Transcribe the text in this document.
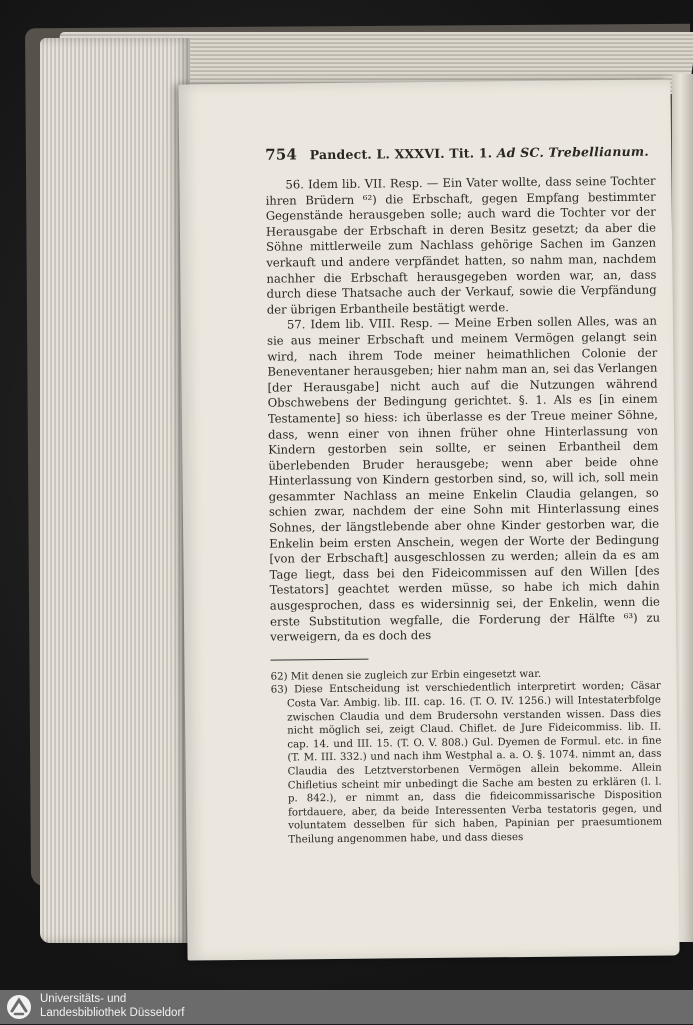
754 Pandect. L. XXXVI. Tit. 1. Ad SC. Trebellianum.

56. Idem lib. VII. Resp. — Ein Vater wollte, dass seine Tochter ihren Brüdern ⁶²) die Erbschaft, gegen Empfang bestimmter Gegenstände herausgeben solle; auch ward die Tochter vor der Herausgabe der Erbschaft in deren Besitz gesetzt; da aber die Söhne mittlerweile zum Nachlass gehörige Sachen im Ganzen verkauft und andere verpfändet hatten, so nahm man, nachdem nachher die Erbschaft herausgegeben worden war, an, dass durch diese Thatsache auch der Verkauf, sowie die Verpfändung der übrigen Erbantheile bestätigt werde.

57. Idem lib. VIII. Resp. — Meine Erben sollen Alles, was an sie aus meiner Erbschaft und meinem Vermögen gelangt sein wird, nach ihrem Tode meiner heimathlichen Colonie der Beneventaner herausgeben; hier nahm man an, sei das Verlangen [der Herausgabe] nicht auch auf die Nutzungen während Obschwebens der Bedingung gerichtet. §. 1. Als es [in einem Testamente] so hiess: ich überlasse es der Treue meiner Söhne, dass, wenn einer von ihnen früher ohne Hinterlassung von Kindern gestorben sein sollte, er seinen Erbantheil dem überlebenden Bruder herausgebe; wenn aber beide ohne Hinterlassung von Kindern gestorben sind, so, will ich, soll mein gesammter Nachlass an meine Enkelin Claudia gelangen, so schien zwar, nachdem der eine Sohn mit Hinterlassung eines Sohnes, der längstlebende aber ohne Kinder gestorben war, die Enkelin beim ersten Anschein, wegen der Worte der Bedingung [von der Erbschaft] ausgeschlossen zu werden; allein da es am Tage liegt, dass bei den Fideicommissen auf den Willen [des Testators] geachtet werden müsse, so habe ich mich dahin ausgesprochen, dass es widersinnig sei, der Enkelin, wenn die erste Substitution wegfalle, die Forderung der Hälfte ⁶³) zu verweigern, da es doch des

62) Mit denen sie zugleich zur Erbin eingesetzt war.

63) Diese Entscheidung ist verschiedentlich interpretirt worden; Cäsar Costa Var. Ambig. lib. III. cap. 16. (T. O. IV. 1256.) will Intestaterbfolge zwischen Claudia und dem Brudersohn verstanden wissen. Dass dies nicht möglich sei, zeigt Claud. Chiflet. de Jure Fideicommiss. lib. II. cap. 14. und III. 15. (T. O. V. 808.) Gul. Dyemen de Formul. etc. in fine (T. M. III. 332.) und nach ihm Westphal a. a. O. §. 1074. nimmt an, dass Claudia des Letztverstorbenen Vermögen allein bekomme. Allein Chifletius scheint mir unbedingt die Sache am besten zu erklären (l. l. p. 842.), er nimmt an, dass die fideicommissarische Disposition fortdauere, aber, da beide Interessenten Verba testatoris gegen, und voluntatem desselben für sich haben, Papinian per praesumtionem Theilung angenommen habe, und dass dieses

Universitäts- und
Landesbibliothek Düsseldorf
